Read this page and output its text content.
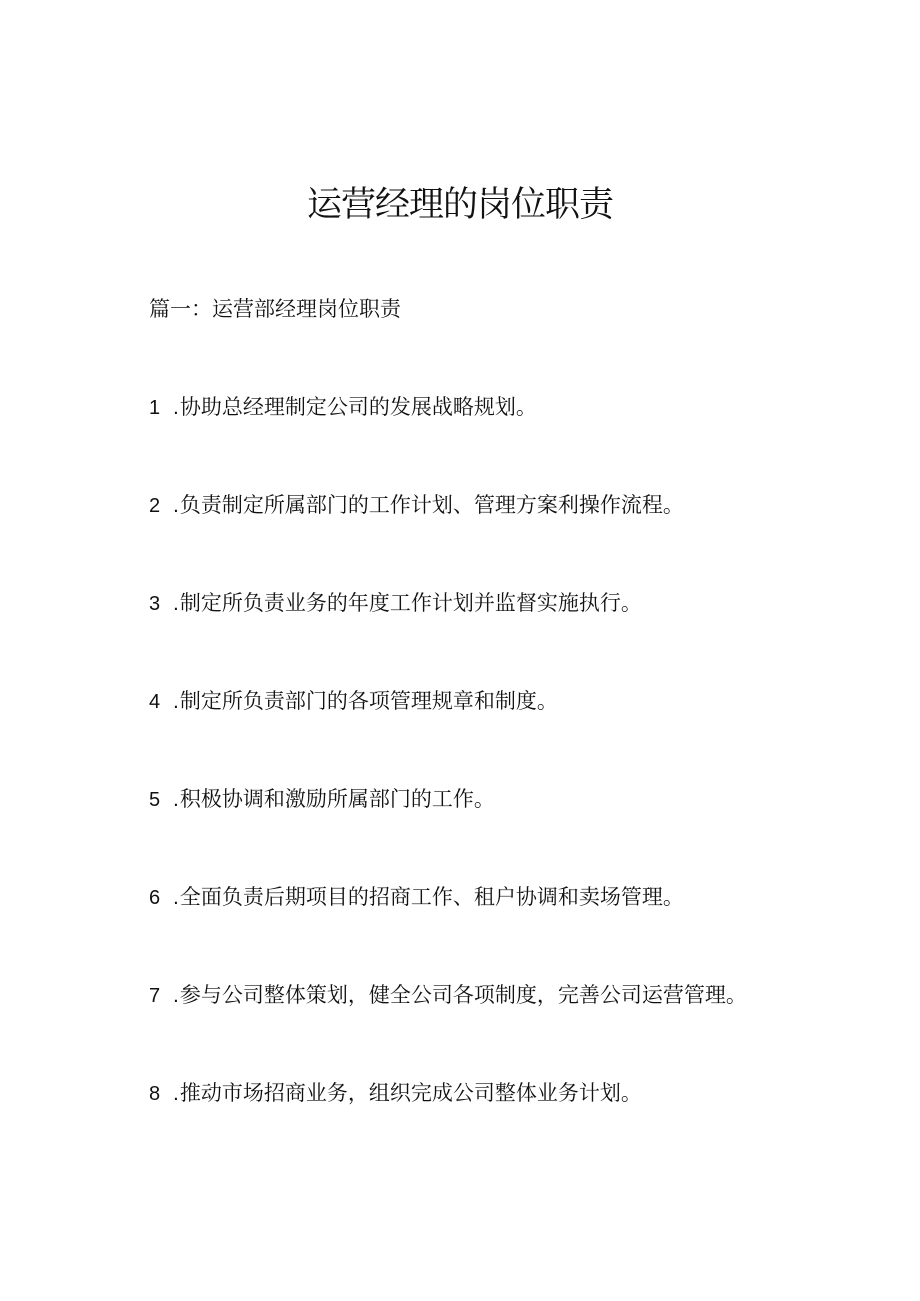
运营经理的岗位职责

篇一：运营部经理岗位职责

1 .协助总经理制定公司的发展战略规划。

2 .负责制定所属部门的工作计划、管理方案利操作流程。

3 .制定所负责业务的年度工作计划并监督实施执行。

4 .制定所负责部门的各项管理规章和制度。

5 .积极协调和激励所属部门的工作。

6 .全面负责后期项目的招商工作、租户协调和卖场管理。

7 .参与公司整体策划，健全公司各项制度，完善公司运营管理。

8 .推动市场招商业务，组织完成公司整体业务计划。
